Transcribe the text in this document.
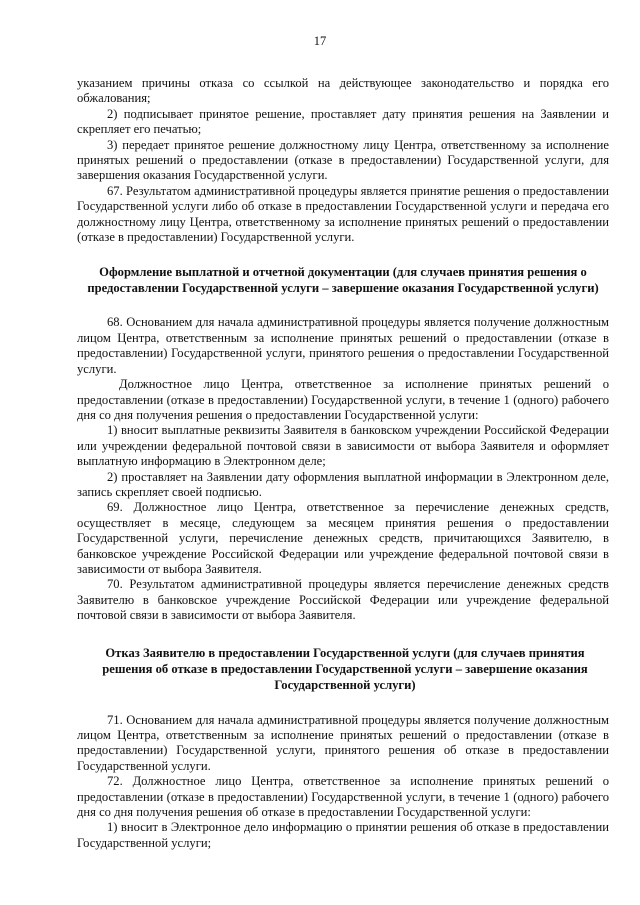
17

указанием причины отказа со ссылкой на действующее законодательство и порядка его обжалования;

2) подписывает принятое решение, проставляет дату принятия решения на Заявлении и скрепляет его печатью;

3) передает принятое решение должностному лицу Центра, ответственному за исполнение принятых решений о предоставлении (отказе в предоставлении) Государственной услуги, для завершения оказания Государственной услуги.

67. Результатом административной процедуры является принятие решения о предоставлении Государственной услуги либо об отказе в предоставлении Государственной услуги и передача его должностному лицу Центра, ответственному за исполнение принятых решений о предоставлении (отказе в предоставлении) Государственной услуги.

Оформление выплатной и отчетной документации (для случаев принятия решения о предоставлении Государственной услуги – завершение оказания Государственной услуги)

68. Основанием для начала административной процедуры является получение должностным лицом Центра, ответственным за исполнение принятых решений о предоставлении (отказе в предоставлении) Государственной услуги, принятого решения о предоставлении Государственной услуги.

Должностное лицо Центра, ответственное за исполнение принятых решений о предоставлении (отказе в предоставлении) Государственной услуги, в течение 1 (одного) рабочего дня со дня получения решения о предоставлении Государственной услуги:

1) вносит выплатные реквизиты Заявителя в банковском учреждении Российской Федерации или учреждении федеральной почтовой связи в зависимости от выбора Заявителя и оформляет выплатную информацию в Электронном деле;

2) проставляет на Заявлении дату оформления выплатной информации в Электронном деле, запись скрепляет своей подписью.

69. Должностное лицо Центра, ответственное за перечисление денежных средств, осуществляет в месяце, следующем за месяцем принятия решения о предоставлении Государственной услуги, перечисление денежных средств, причитающихся Заявителю, в банковское учреждение Российской Федерации или учреждение федеральной почтовой связи в зависимости от выбора Заявителя.

70. Результатом административной процедуры является перечисление денежных средств Заявителю в банковское учреждение Российской Федерации или учреждение федеральной почтовой связи в зависимости от выбора Заявителя.

Отказ Заявителю в предоставлении Государственной услуги (для случаев принятия решения об отказе в предоставлении Государственной услуги – завершение оказания Государственной услуги)

71. Основанием для начала административной процедуры является получение должностным лицом Центра, ответственным за исполнение принятых решений о предоставлении (отказе в предоставлении) Государственной услуги, принятого решения об отказе в предоставлении Государственной услуги.

72. Должностное лицо Центра, ответственное за исполнение принятых решений о предоставлении (отказе в предоставлении) Государственной услуги, в течение 1 (одного) рабочего дня со дня получения решения об отказе в предоставлении Государственной услуги:

1) вносит в Электронное дело информацию о принятии решения об отказе в предоставлении Государственной услуги;
